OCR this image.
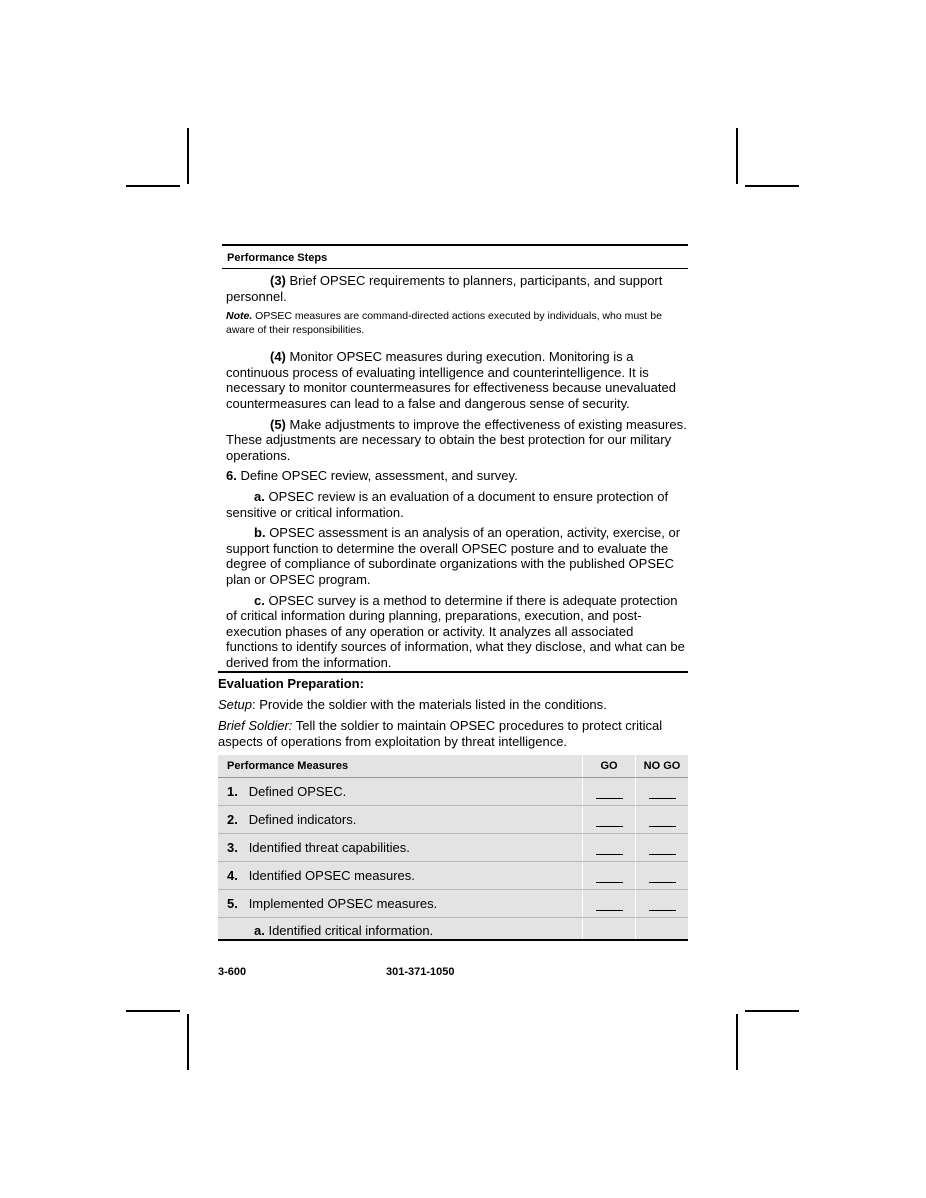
Performance Steps

(3) Brief OPSEC requirements to planners, participants, and support personnel.

Note. OPSEC measures are command-directed actions executed by individuals, who must be aware of their responsibilities.

(4) Monitor OPSEC measures during execution. Monitoring is a continuous process of evaluating intelligence and counterintelligence. It is necessary to monitor countermeasures for effectiveness because unevaluated countermeasures can lead to a false and dangerous sense of security.

(5) Make adjustments to improve the effectiveness of existing measures. These adjustments are necessary to obtain the best protection for our military operations.

6. Define OPSEC review, assessment, and survey.

a. OPSEC review is an evaluation of a document to ensure protection of sensitive or critical information.

b. OPSEC assessment is an analysis of an operation, activity, exercise, or support function to determine the overall OPSEC posture and to evaluate the degree of compliance of subordinate organizations with the published OPSEC plan or OPSEC program.

c. OPSEC survey is a method to determine if there is adequate protection of critical information during planning, preparations, execution, and post-execution phases of any operation or activity. It analyzes all associated functions to identify sources of information, what they disclose, and what can be derived from the information.

Evaluation Preparation:

Setup: Provide the soldier with the materials listed in the conditions.

Brief Soldier: Tell the soldier to maintain OPSEC procedures to protect critical aspects of operations from exploitation by threat intelligence.

Performance Measures	GO	NO GO
1. Defined OPSEC.		
2. Defined indicators.		
3. Identified threat capabilities.		
4. Identified OPSEC measures.		
5. Implemented OPSEC measures.		
a. Identified critical information.		
3-600	301-371-1050
